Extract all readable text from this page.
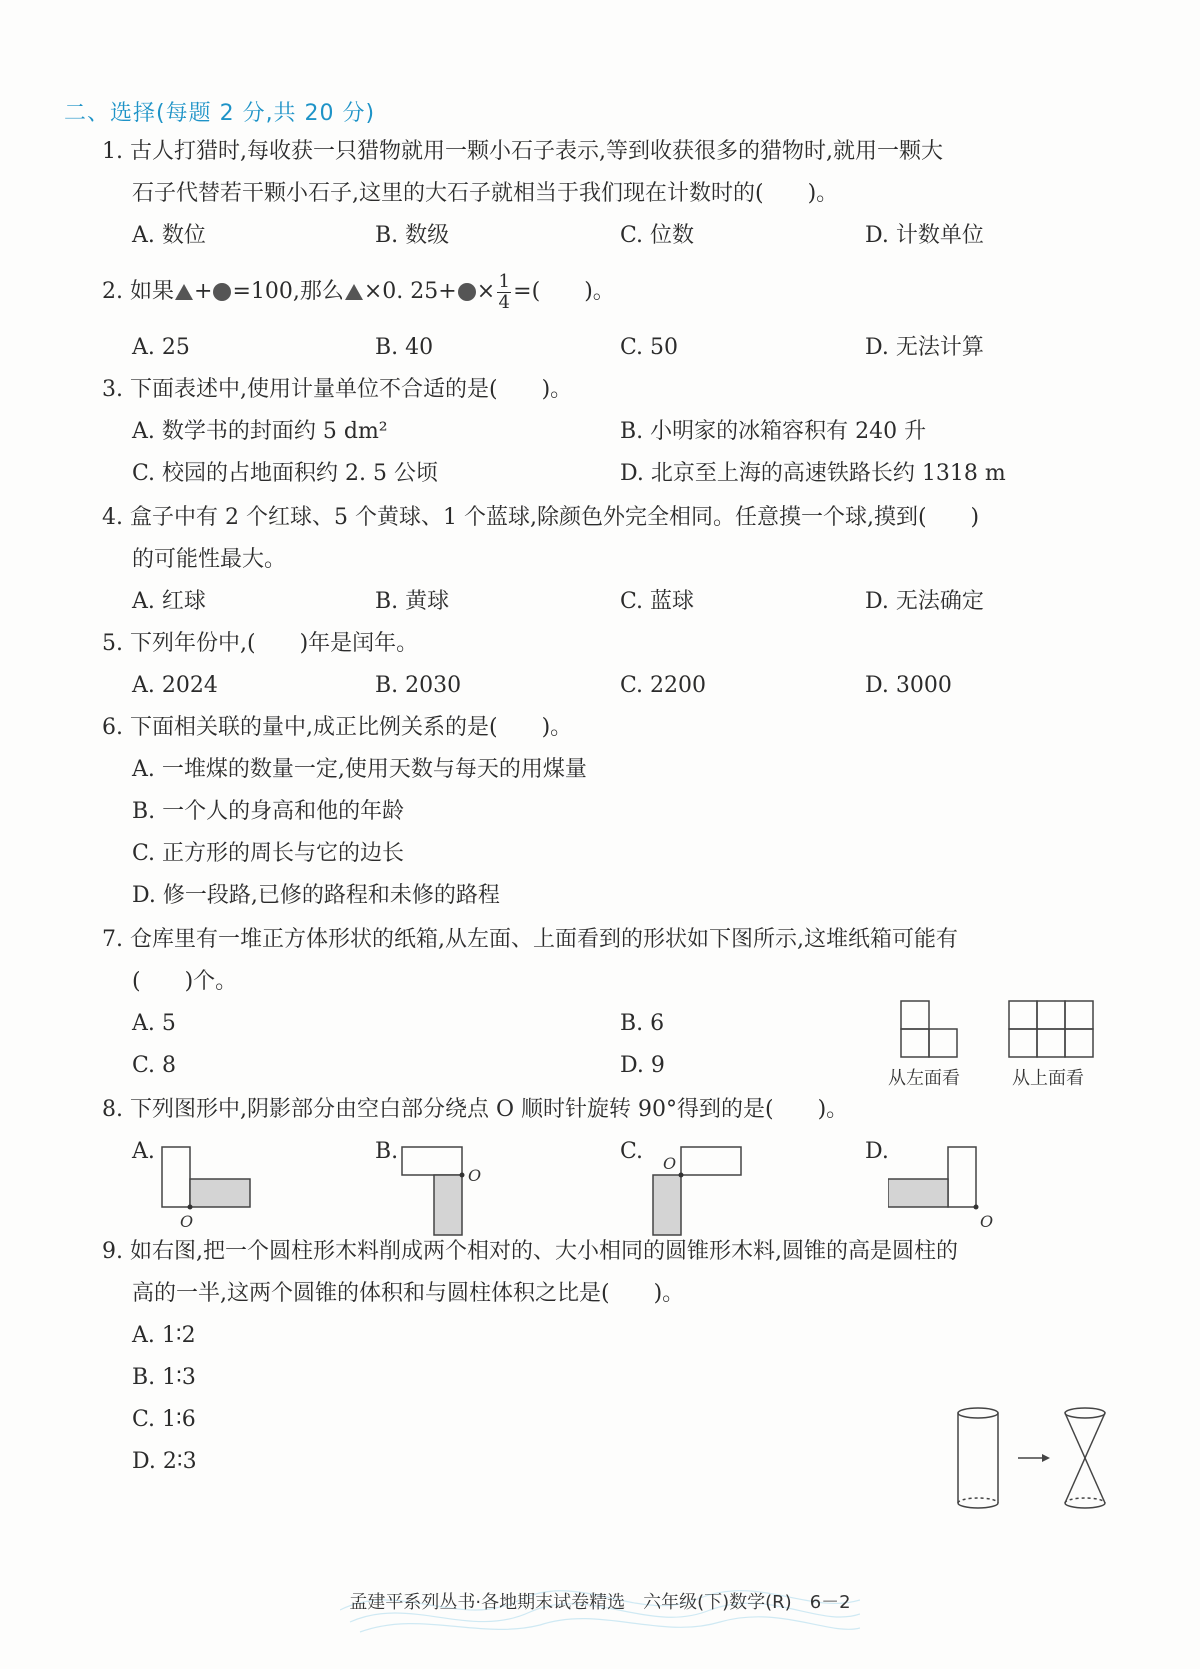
二、选择(每题 2 分,共 20 分)
1. 古人打猎时,每收获一只猎物就用一颗小石子表示,等到收获很多的猎物时,就用一颗大
石子代替若干颗小石子,这里的大石子就相当于我们现在计数时的(　　)。
A. 数位	B. 数级	C. 位数	D. 计数单位
2. 如果 + =100,那么 ×0. $25+ \times \frac{1}{4}$ =(　　)。
A. 25	B. 40	C. 50	D. 无法计算
3. 下面表述中,使用计量单位不合适的是(　　)。
A. 数学书的封面约 5 dm²	B. 小明家的冰箱容积有 240 升
C. 校园的占地面积约 2. 5 公顷	D. 北京至上海的高速铁路长约 1318 m
4. 盒子中有 2 个红球、5 个黄球、1 个蓝球,除颜色外完全相同。任意摸一个球,摸到(　　)
的可能性最大。
A. 红球	B. 黄球	C. 蓝球	D. 无法确定
5. 下列年份中,(　　)年是闰年。
A. 2024	B. 2030	C. 2200	D. 3000
6. 下面相关联的量中,成正比例关系的是(　　)。
A. 一堆煤的数量一定,使用天数与每天的用煤量
B. 一个人的身高和他的年龄
C. 正方形的周长与它的边长
D. 修一段路,已修的路程和未修的路程
7. 仓库里有一堆正方体形状的纸箱,从左面、上面看到的形状如下图所示,这堆纸箱可能有
(　　)个。
A. 5	B. 6
C. 8	D. 9
从左面看	从上面看
8. 下列图形中,阴影部分由空白部分绕点 O 顺时针旋转 90°得到的是(　　)。
A.
O
B.
O
C. O	D.
O
9. 如右图,把一个圆柱形木料削成两个相对的、大小相同的圆锥形木料,圆锥的高是圆柱的
高的一半,这两个圆锥的体积和与圆柱体积之比是(　　)。
A. 1∶2
B. 1∶3
C. 1∶6
D. 2∶3
孟建平系列丛书·各地期末试卷精选　六年级(下)数学(R)　6－2
